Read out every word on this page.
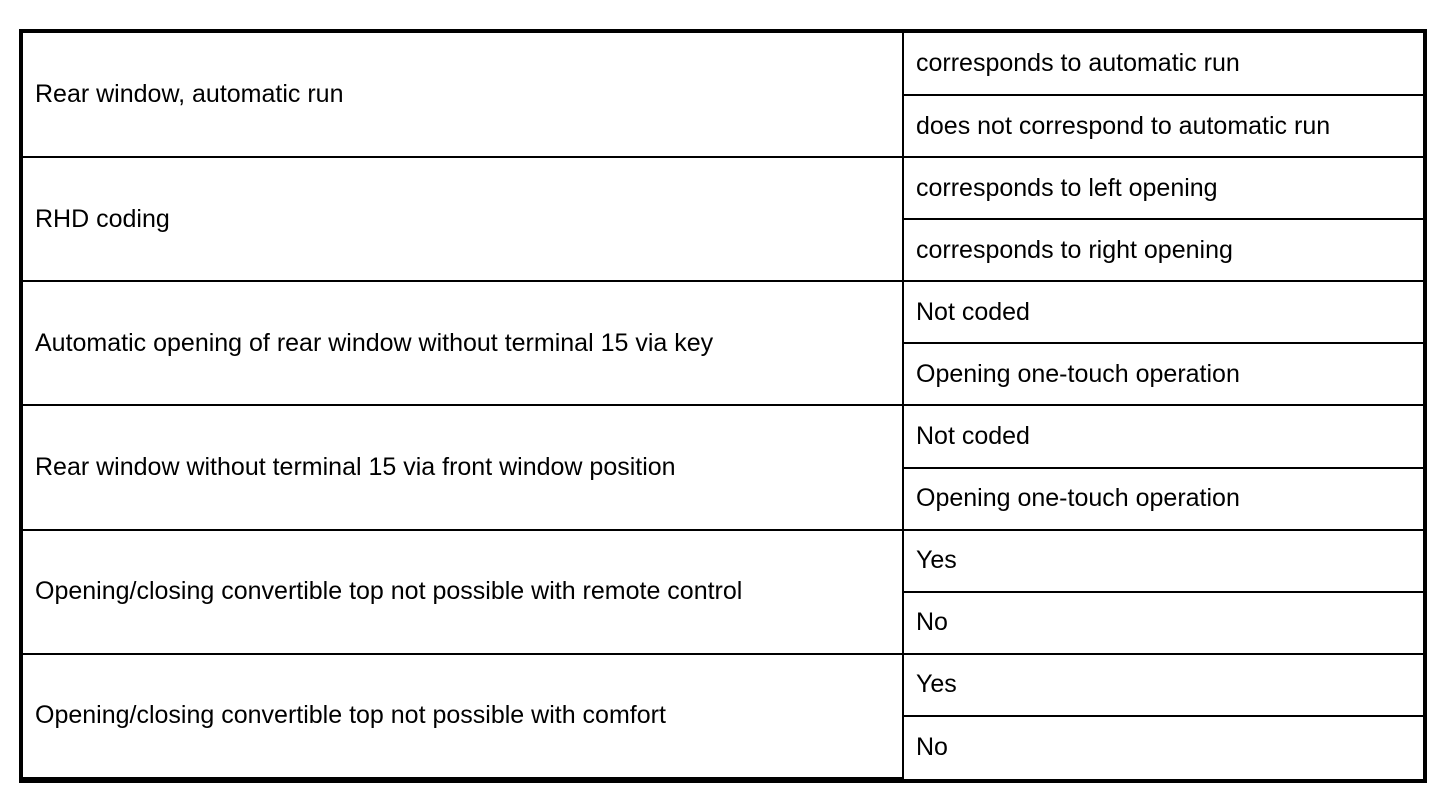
Rear window, automatic run	corresponds to automatic run
	does not correspond to automatic run
RHD coding	corresponds to left opening
	corresponds to right opening
Automatic opening of rear window without terminal 15 via key	Not coded
	Opening one-touch operation
Rear window without terminal 15 via front window position	Not coded
	Opening one-touch operation
Opening/closing convertible top not possible with remote control	Yes
	No
Opening/closing convertible top not possible with comfort	Yes
	No
